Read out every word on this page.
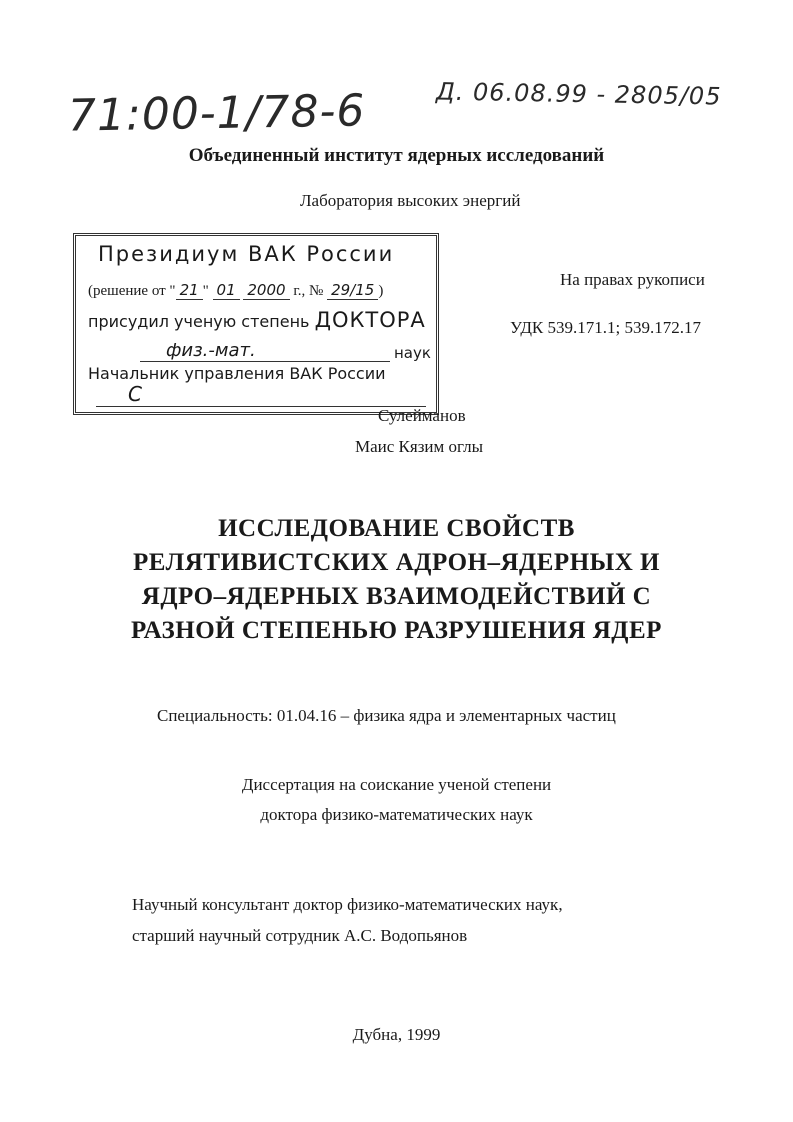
71:00-1/78-6	Д. 06.08.99 - 2805/05
Объединенный институт ядерных исследований
Лаборатория высоких энергий
Президиум ВАК России
(решение от " 21 " 01 2000 г., № 29/15 )
присудил ученую степень ДОКТОРА
физ.-мат.	наук
Начальник управления ВАК России
С
На правах рукописи
УДК 539.171.1; 539.172.17
Сулейманов
Маис Кязим оглы
ИССЛЕДОВАНИЕ СВОЙСТВ
РЕЛЯТИВИСТСКИХ АДРОН–ЯДЕРНЫХ И
ЯДРО–ЯДЕРНЫХ ВЗАИМОДЕЙСТВИЙ С
РАЗНОЙ СТЕПЕНЬЮ РАЗРУШЕНИЯ ЯДЕР
Специальность: 01.04.16 – физика ядра и элементарных частиц
Диссертация на соискание ученой степени
доктора физико-математических наук
Научный консультант доктор физико-математических наук,
старший научный сотрудник А.С. Водопьянов
Дубна, 1999
